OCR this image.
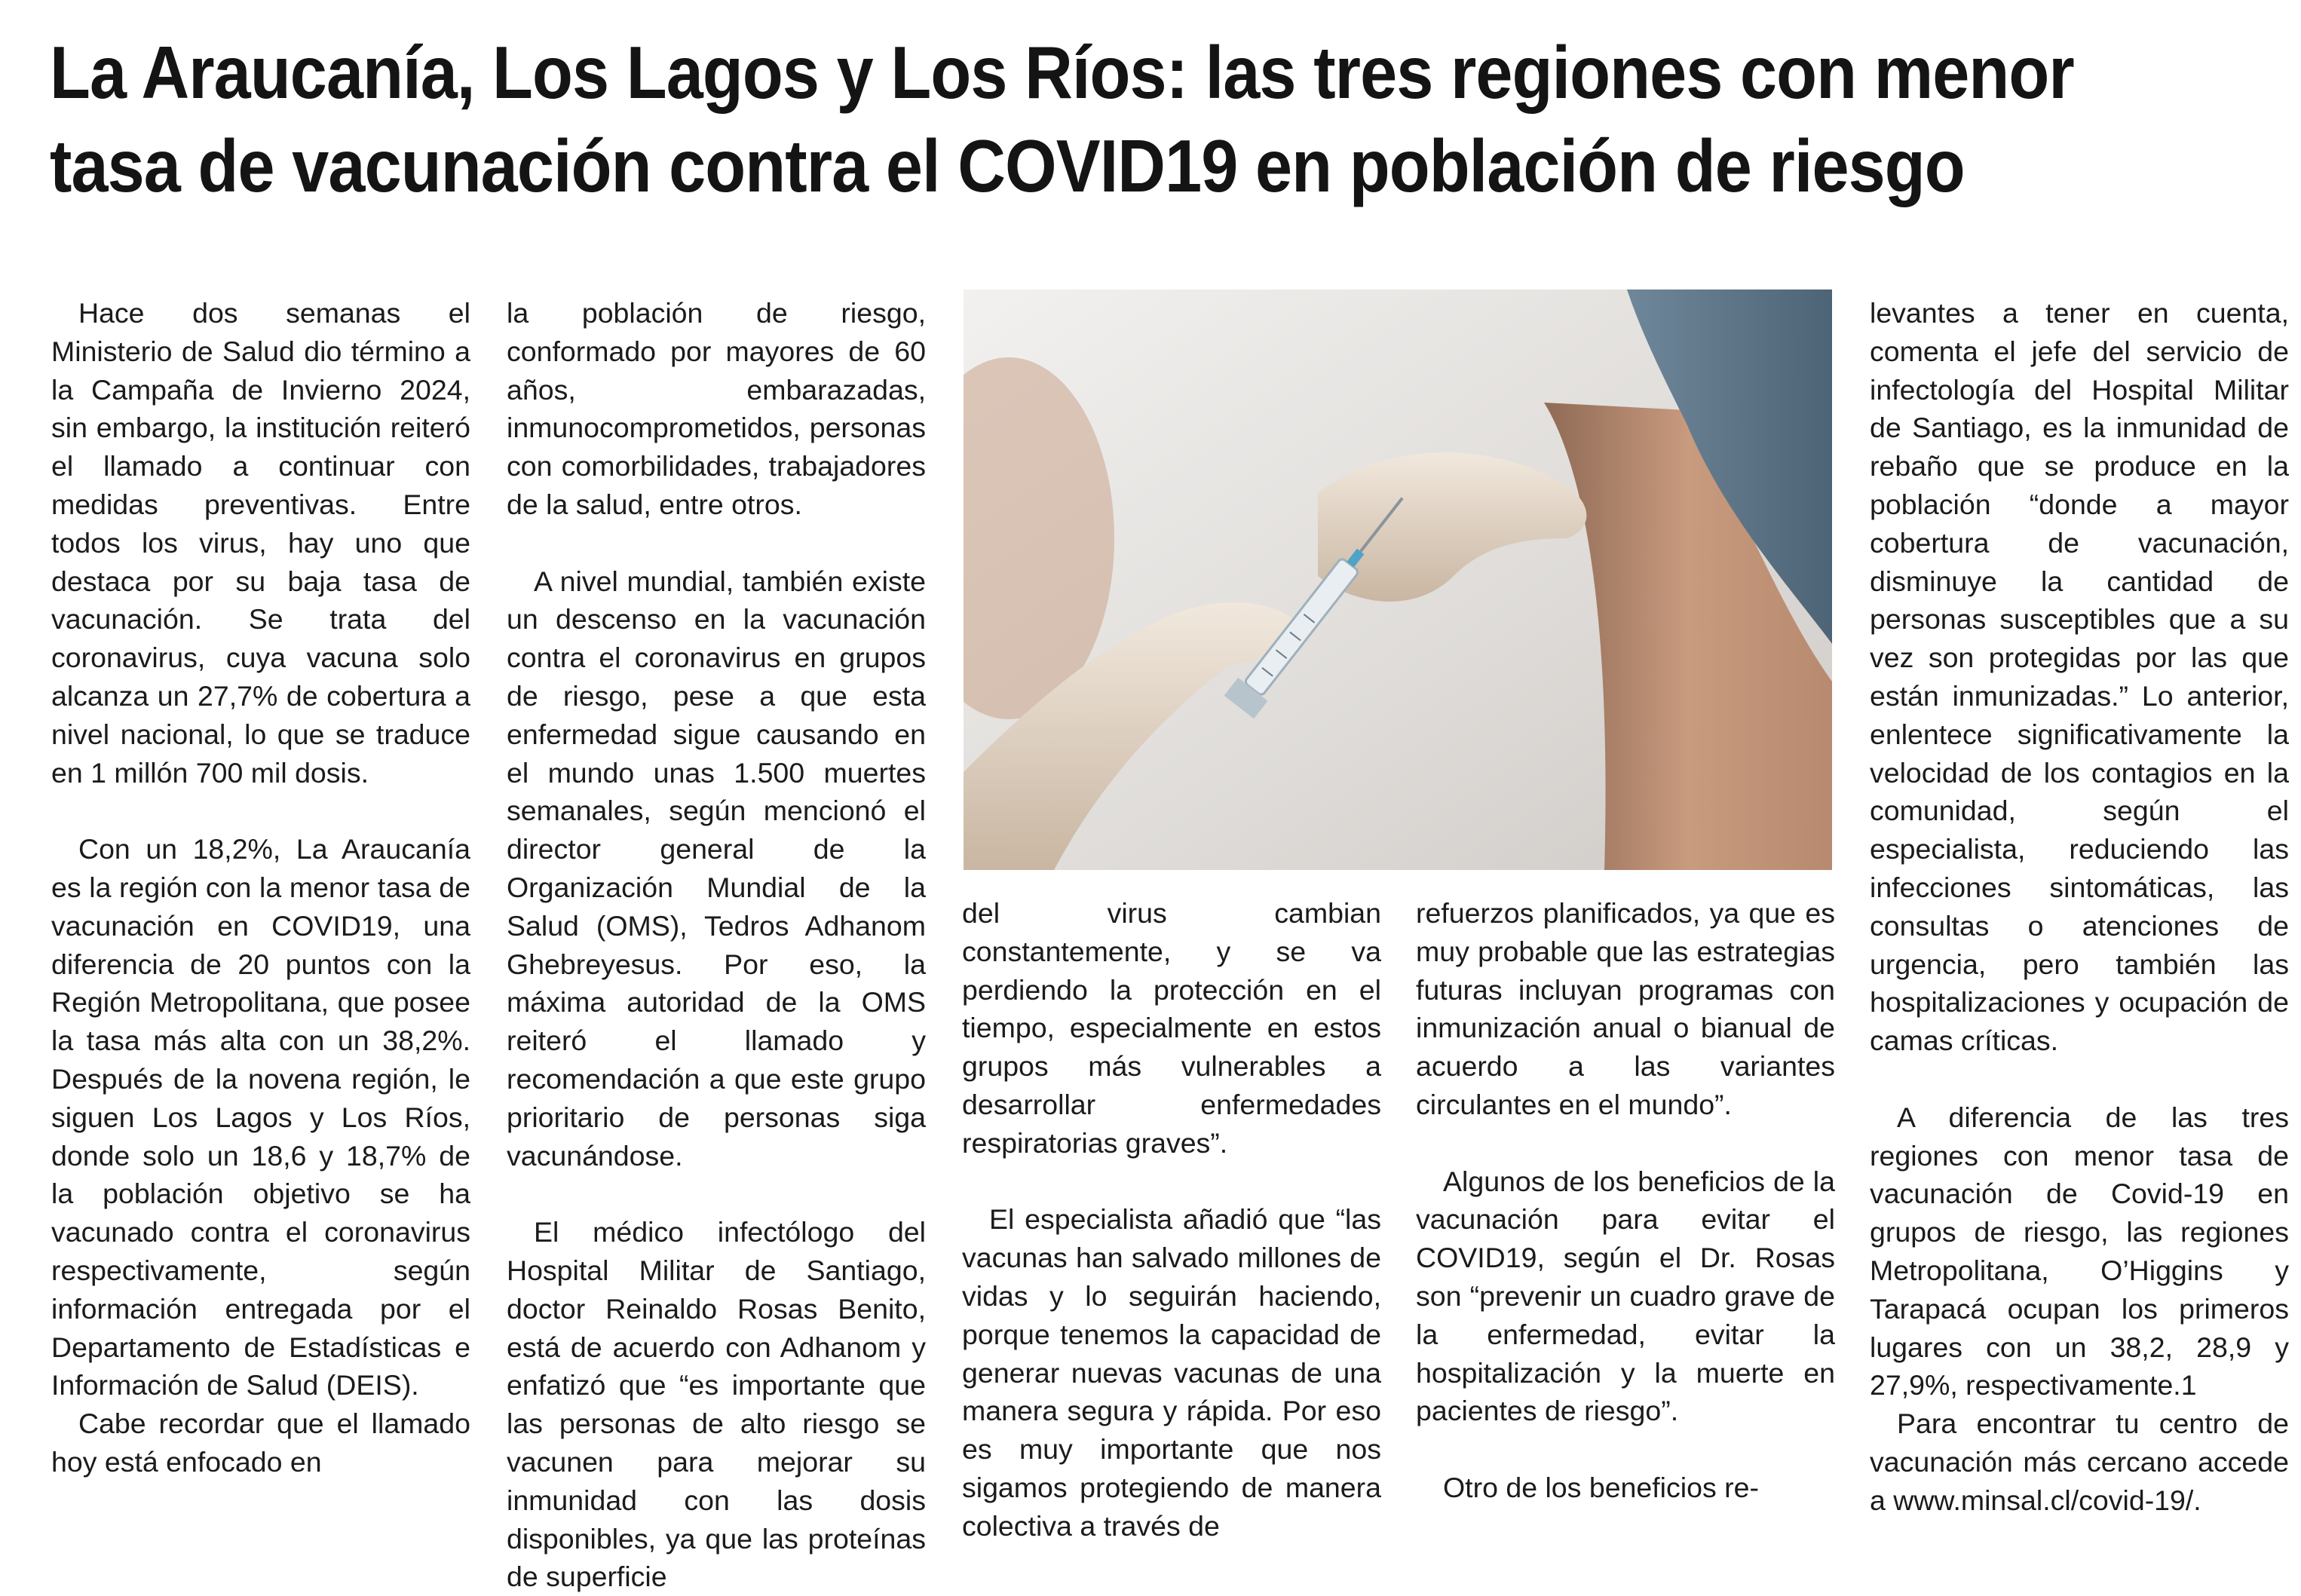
La Araucanía, Los Lagos y Los Ríos: las tres regiones con menor
tasa de vacunación contra el COVID19 en población de riesgo

Hace dos semanas el Ministerio de Salud dio término a la Campaña de Invierno 2024, sin embargo, la institución reiteró el llamado a continuar con medidas preventivas. Entre todos los virus, hay uno que destaca por su baja tasa de vacunación. Se trata del coronavirus, cuya vacuna solo alcanza un 27,7% de cobertura a nivel nacional, lo que se traduce en 1 millón 700 mil dosis.

Con un 18,2%, La Araucanía es la región con la menor tasa de vacunación en COVID19, una diferencia de 20 puntos con la Región Metropolitana, que posee la tasa más alta con un 38,2%. Después de la novena región, le siguen Los Lagos y Los Ríos, donde solo un 18,6 y 18,7% de la población objetivo se ha vacunado contra el coronavirus respectivamente, según información entregada por el Departamento de Estadísticas e Información de Salud (DEIS).

Cabe recordar que el llamado hoy está enfocado en

la población de riesgo, conformado por mayores de 60 años, embarazadas, inmunocomprometidos, personas con comorbilidades, trabajadores de la salud, entre otros.

A nivel mundial, también existe un descenso en la vacunación contra el coronavirus en grupos de riesgo, pese a que esta enfermedad sigue causando en el mundo unas 1.500 muertes semanales, según mencionó el director general de la Organización Mundial de la Salud (OMS), Tedros Adhanom Ghebreyesus. Por eso, la máxima autoridad de la OMS reiteró el llamado y recomendación a que este grupo prioritario de personas siga vacunándose.

El médico infectólogo del Hospital Militar de Santiago, doctor Reinaldo Rosas Benito, está de acuerdo con Adhanom y enfatizó que “es importante que las personas de alto riesgo se vacunen para mejorar su inmunidad con las dosis disponibles, ya que las proteínas de superficie

del virus cambian constantemente, y se va perdiendo la protección en el tiempo, especialmente en estos grupos más vulnerables a desarrollar enfermedades respiratorias graves”.

El especialista añadió que “las vacunas han salvado millones de vidas y lo seguirán haciendo, porque tenemos la capacidad de generar nuevas vacunas de una manera segura y rápida. Por eso es muy importante que nos sigamos protegiendo de manera colectiva a través de

refuerzos planificados, ya que es muy probable que las estrategias futuras incluyan programas con inmunización anual o bianual de acuerdo a las variantes circulantes en el mundo”.

Algunos de los beneficios de la vacunación para evitar el COVID19, según el Dr. Rosas son “prevenir un cuadro grave de la enfermedad, evitar la hospitalización y la muerte en pacientes de riesgo”.

Otro de los beneficios re-

levantes a tener en cuenta, comenta el jefe del servicio de infectología del Hospital Militar de Santiago, es la inmunidad de rebaño que se produce en la población “donde a mayor cobertura de vacunación, disminuye la cantidad de personas susceptibles que a su vez son protegidas por las que están inmunizadas.” Lo anterior, enlentece significativamente la velocidad de los contagios en la comunidad, según el especialista, reduciendo las infecciones sintomáticas, las consultas o atenciones de urgencia, pero también las hospitalizaciones y ocupación de camas críticas.

A diferencia de las tres regiones con menor tasa de vacunación de Covid-19 en grupos de riesgo, las regiones Metropolitana, O’Higgins y Tarapacá ocupan los primeros lugares con un 38,2, 28,9 y 27,9%, respectivamente.1

Para encontrar tu centro de vacunación más cercano accede a www.minsal.cl/covid-19/.
